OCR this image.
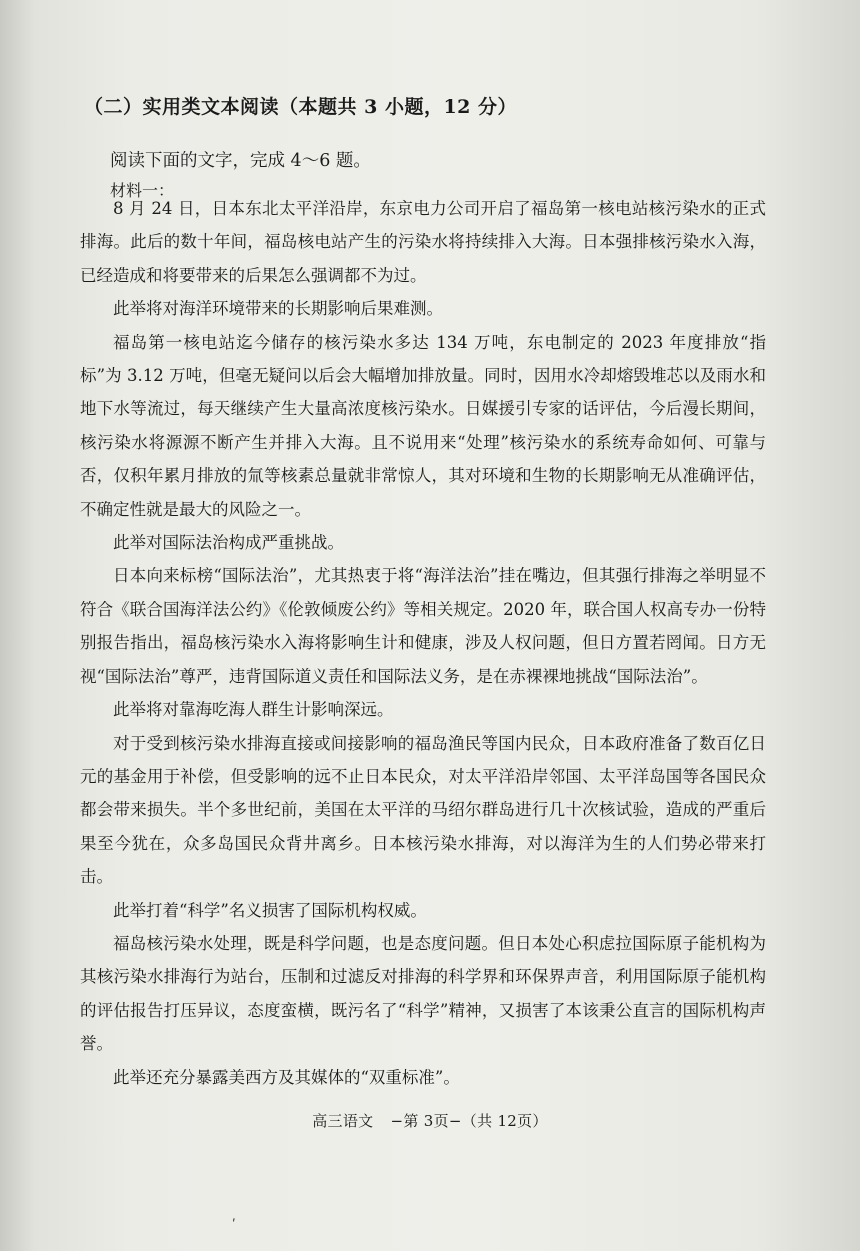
（二）实用类文本阅读（本题共 3 小题，12 分）
阅读下面的文字，完成 4～6 题。
材料一：

8 月 24 日，日本东北太平洋沿岸，东京电力公司开启了福岛第一核电站核污染水的正式排海。此后的数十年间，福岛核电站产生的污染水将持续排入大海。日本强排核污染水入海，已经造成和将要带来的后果怎么强调都不为过。

此举将对海洋环境带来的长期影响后果难测。

福岛第一核电站迄今储存的核污染水多达 134 万吨，东电制定的 2023 年度排放“指标”为 3.12 万吨，但毫无疑问以后会大幅增加排放量。同时，因用水冷却熔毁堆芯以及雨水和地下水等流过，每天继续产生大量高浓度核污染水。日媒援引专家的话评估，今后漫长期间，核污染水将源源不断产生并排入大海。且不说用来“处理”核污染水的系统寿命如何、可靠与否，仅积年累月排放的氚等核素总量就非常惊人，其对环境和生物的长期影响无从准确评估，不确定性就是最大的风险之一。

此举对国际法治构成严重挑战。

日本向来标榜“国际法治”，尤其热衷于将“海洋法治”挂在嘴边，但其强行排海之举明显不符合《联合国海洋法公约》《伦敦倾废公约》等相关规定。2020 年，联合国人权高专办一份特别报告指出，福岛核污染水入海将影响生计和健康，涉及人权问题，但日方置若罔闻。日方无视“国际法治”尊严，违背国际道义责任和国际法义务，是在赤裸裸地挑战“国际法治”。

此举将对靠海吃海人群生计影响深远。

对于受到核污染水排海直接或间接影响的福岛渔民等国内民众，日本政府准备了数百亿日元的基金用于补偿，但受影响的远不止日本民众，对太平洋沿岸邻国、太平洋岛国等各国民众都会带来损失。半个多世纪前，美国在太平洋的马绍尔群岛进行几十次核试验，造成的严重后果至今犹在，众多岛国民众背井离乡。日本核污染水排海，对以海洋为生的人们势必带来打击。

此举打着“科学”名义损害了国际机构权威。

福岛核污染水处理，既是科学问题，也是态度问题。但日本处心积虑拉国际原子能机构为其核污染水排海行为站台，压制和过滤反对排海的科学界和环保界声音，利用国际原子能机构的评估报告打压异议，态度蛮横，既污名了“科学”精神，又损害了本该秉公直言的国际机构声誉。

此举还充分暴露美西方及其媒体的“双重标准”。

高三语文 −第 3页−（共 12页）
ʹ
